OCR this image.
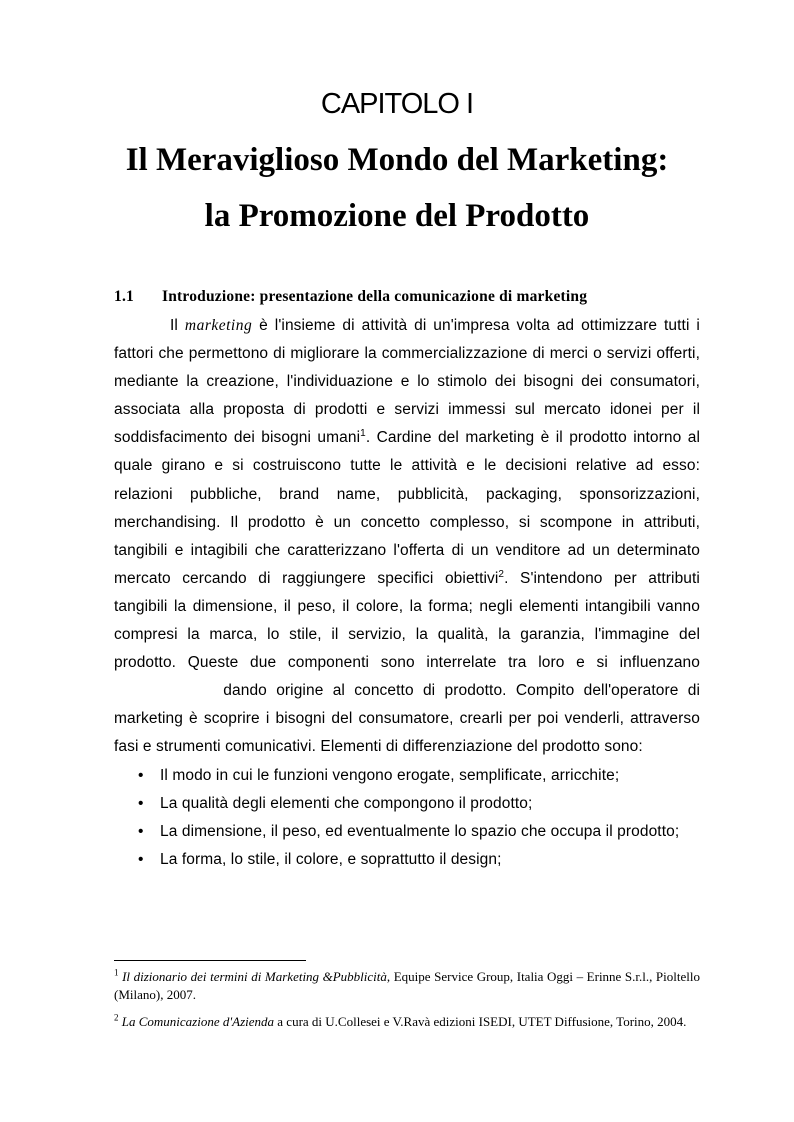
CAPITOLO I
Il Meraviglioso Mondo del Marketing:
la Promozione del Prodotto
1.1 Introduzione: presentazione della comunicazione di marketing

Il marketing è l'insieme di attività di un'impresa volta ad ottimizzare tutti i fattori che permettono di migliorare la commercializzazione di merci o servizi offerti, mediante la creazione, l'individuazione e lo stimolo dei bisogni dei consumatori, associata alla proposta di prodotti e servizi immessi sul mercato idonei per il soddisfacimento dei bisogni umani$^1$. Cardine del marketing è il prodotto intorno al quale girano e si costruiscono tutte le attività e le decisioni relative ad esso: relazioni pubbliche, brand name, pubblicità, packaging, sponsorizzazioni, merchandising. Il prodotto è un concetto complesso, si scompone in attributi, tangibili e intagibili che caratterizzano l'offerta di un venditore ad un determinato mercato cercando di raggiungere specifici obiettivi$^2$. S'intendono per attributi tangibili la dimensione, il peso, il colore, la forma; negli elementi intangibili vanno compresi la marca, lo stile, il servizio, la qualità, la garanzia, l'immagine del prodotto. Queste due componenti sono interrelate tra loro e si influenzano dando origine al concetto di prodotto. Compito dell'operatore di marketing è scoprire i bisogni del consumatore, crearli per poi venderli, attraverso fasi e strumenti comunicativi. Elementi di differenziazione del prodotto sono:

• Il modo in cui le funzioni vengono erogate, semplificate, arricchite;
• La qualità degli elementi che compongono il prodotto;
• La dimensione, il peso, ed eventualmente lo spazio che occupa il prodotto;
• La forma, lo stile, il colore, e soprattutto il design;
$^1$ Il dizionario dei termini di Marketing &Pubblicità, Equipe Service Group, Italia Oggi – Erinne S.r.l., Pioltello (Milano), 2007.
$^2$ La Comunicazione d'Azienda a cura di U.Collesei e V.Ravà edizioni ISEDI, UTET Diffusione, Torino, 2004.
